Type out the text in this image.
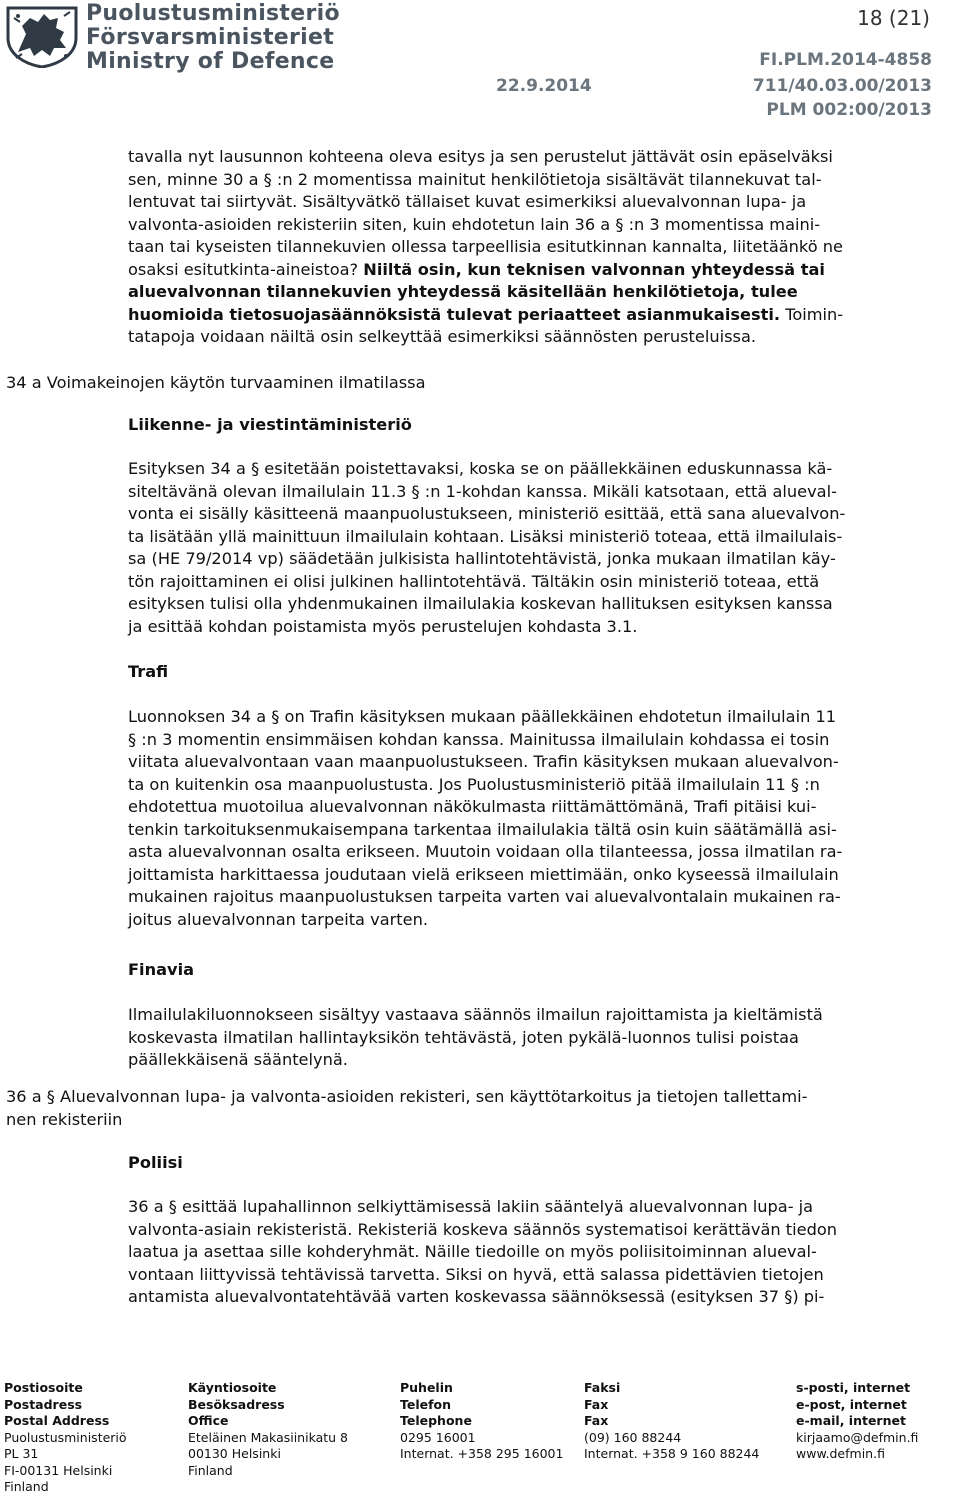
Puolustusministeriö
Försvarsministeriet
Ministry of Defence
18 (21)
FI.PLM.2014-4858
22.9.2014	711/40.03.00/2013
PLM 002:00/2013
tavalla nyt lausunnon kohteena oleva esitys ja sen perustelut jättävät osin epäselväksi
sen, minne 30 a § :n 2 momentissa mainitut henkilötietoja sisältävät tilannekuvat tal-
lentuvat tai siirtyvät. Sisältyvätkö tällaiset kuvat esimerkiksi aluevalvonnan lupa- ja
valvonta-asioiden rekisteriin siten, kuin ehdotetun lain 36 a § :n 3 momentissa maini-
taan tai kyseisten tilannekuvien ollessa tarpeellisia esitutkinnan kannalta, liitetäänkö ne
osaksi esitutkinta-aineistoa? Niiltä osin, kun teknisen valvonnan yhteydessä tai
aluevalvonnan tilannekuvien yhteydessä käsitellään henkilötietoja, tulee
huomioida tietosuojasäännöksistä tulevat periaatteet asianmukaisesti. Toimin-
tatapoja voidaan näiltä osin selkeyttää esimerkiksi säännösten perusteluissa.
34 a Voimakeinojen käytön turvaaminen ilmatilassa
Liikenne- ja viestintäministeriö
Esityksen 34 a § esitetään poistettavaksi, koska se on päällekkäinen eduskunnassa kä-
siteltävänä olevan ilmailulain 11.3 § :n 1-kohdan kanssa. Mikäli katsotaan, että alueval-
vonta ei sisälly käsitteenä maanpuolustukseen, ministeriö esittää, että sana aluevalvon-
ta lisätään yllä mainittuun ilmailulain kohtaan. Lisäksi ministeriö toteaa, että ilmailulais-
sa (HE 79/2014 vp) säädetään julkisista hallintotehtävistä, jonka mukaan ilmatilan käy-
tön rajoittaminen ei olisi julkinen hallintotehtävä. Tältäkin osin ministeriö toteaa, että
esityksen tulisi olla yhdenmukainen ilmailulakia koskevan hallituksen esityksen kanssa
ja esittää kohdan poistamista myös perustelujen kohdasta 3.1.
Trafi
Luonnoksen 34 a § on Trafin käsityksen mukaan päällekkäinen ehdotetun ilmailulain 11
§ :n 3 momentin ensimmäisen kohdan kanssa. Mainitussa ilmailulain kohdassa ei tosin
viitata aluevalvontaan vaan maanpuolustukseen. Trafin käsityksen mukaan aluevalvon-
ta on kuitenkin osa maanpuolustusta. Jos Puolustusministeriö pitää ilmailulain 11 § :n
ehdotettua muotoilua aluevalvonnan näkökulmasta riittämättömänä, Trafi pitäisi kui-
tenkin tarkoituksenmukaisempana tarkentaa ilmailulakia tältä osin kuin säätämällä asi-
asta aluevalvonnan osalta erikseen. Muutoin voidaan olla tilanteessa, jossa ilmatilan ra-
joittamista harkittaessa joudutaan vielä erikseen miettimään, onko kyseessä ilmailulain
mukainen rajoitus maanpuolustuksen tarpeita varten vai aluevalvontalain mukainen ra-
joitus aluevalvonnan tarpeita varten.
Finavia
Ilmailulakiluonnokseen sisältyy vastaava säännös ilmailun rajoittamista ja kieltämistä
koskevasta ilmatilan hallintayksikön tehtävästä, joten pykälä-luonnos tulisi poistaa
päällekkäisenä sääntelynä.
36 a § Aluevalvonnan lupa- ja valvonta-asioiden rekisteri, sen käyttötarkoitus ja tietojen tallettami-
nen rekisteriin
Poliisi
36 a § esittää lupahallinnon selkiyttämisessä lakiin sääntelyä aluevalvonnan lupa- ja
valvonta-asiain rekisteristä. Rekisteriä koskeva säännös systematisoi kerättävän tiedon
laatua ja asettaa sille kohderyhmät. Näille tiedoille on myös poliisitoiminnan alueval-
vontaan liittyvissä tehtävissä tarvetta. Siksi on hyvä, että salassa pidettävien tietojen
antamista aluevalvontatehtävää varten koskevassa säännöksessä (esityksen 37 §) pi-
Postiosoite
Postadress
Postal Address
Puolustusministeriö
PL 31
FI-00131 Helsinki
Finland
Käyntiosoite
Besöksadress
Office
Eteläinen Makasiinikatu 8
00130 Helsinki
Finland
Puhelin
Telefon
Telephone
0295 16001
Internat. +358 295 16001
Faksi
Fax
Fax
(09) 160 88244
Internat. +358 9 160 88244
s-posti, internet
e-post, internet
e-mail, internet
kirjaamo@defmin.fi
www.defmin.fi
